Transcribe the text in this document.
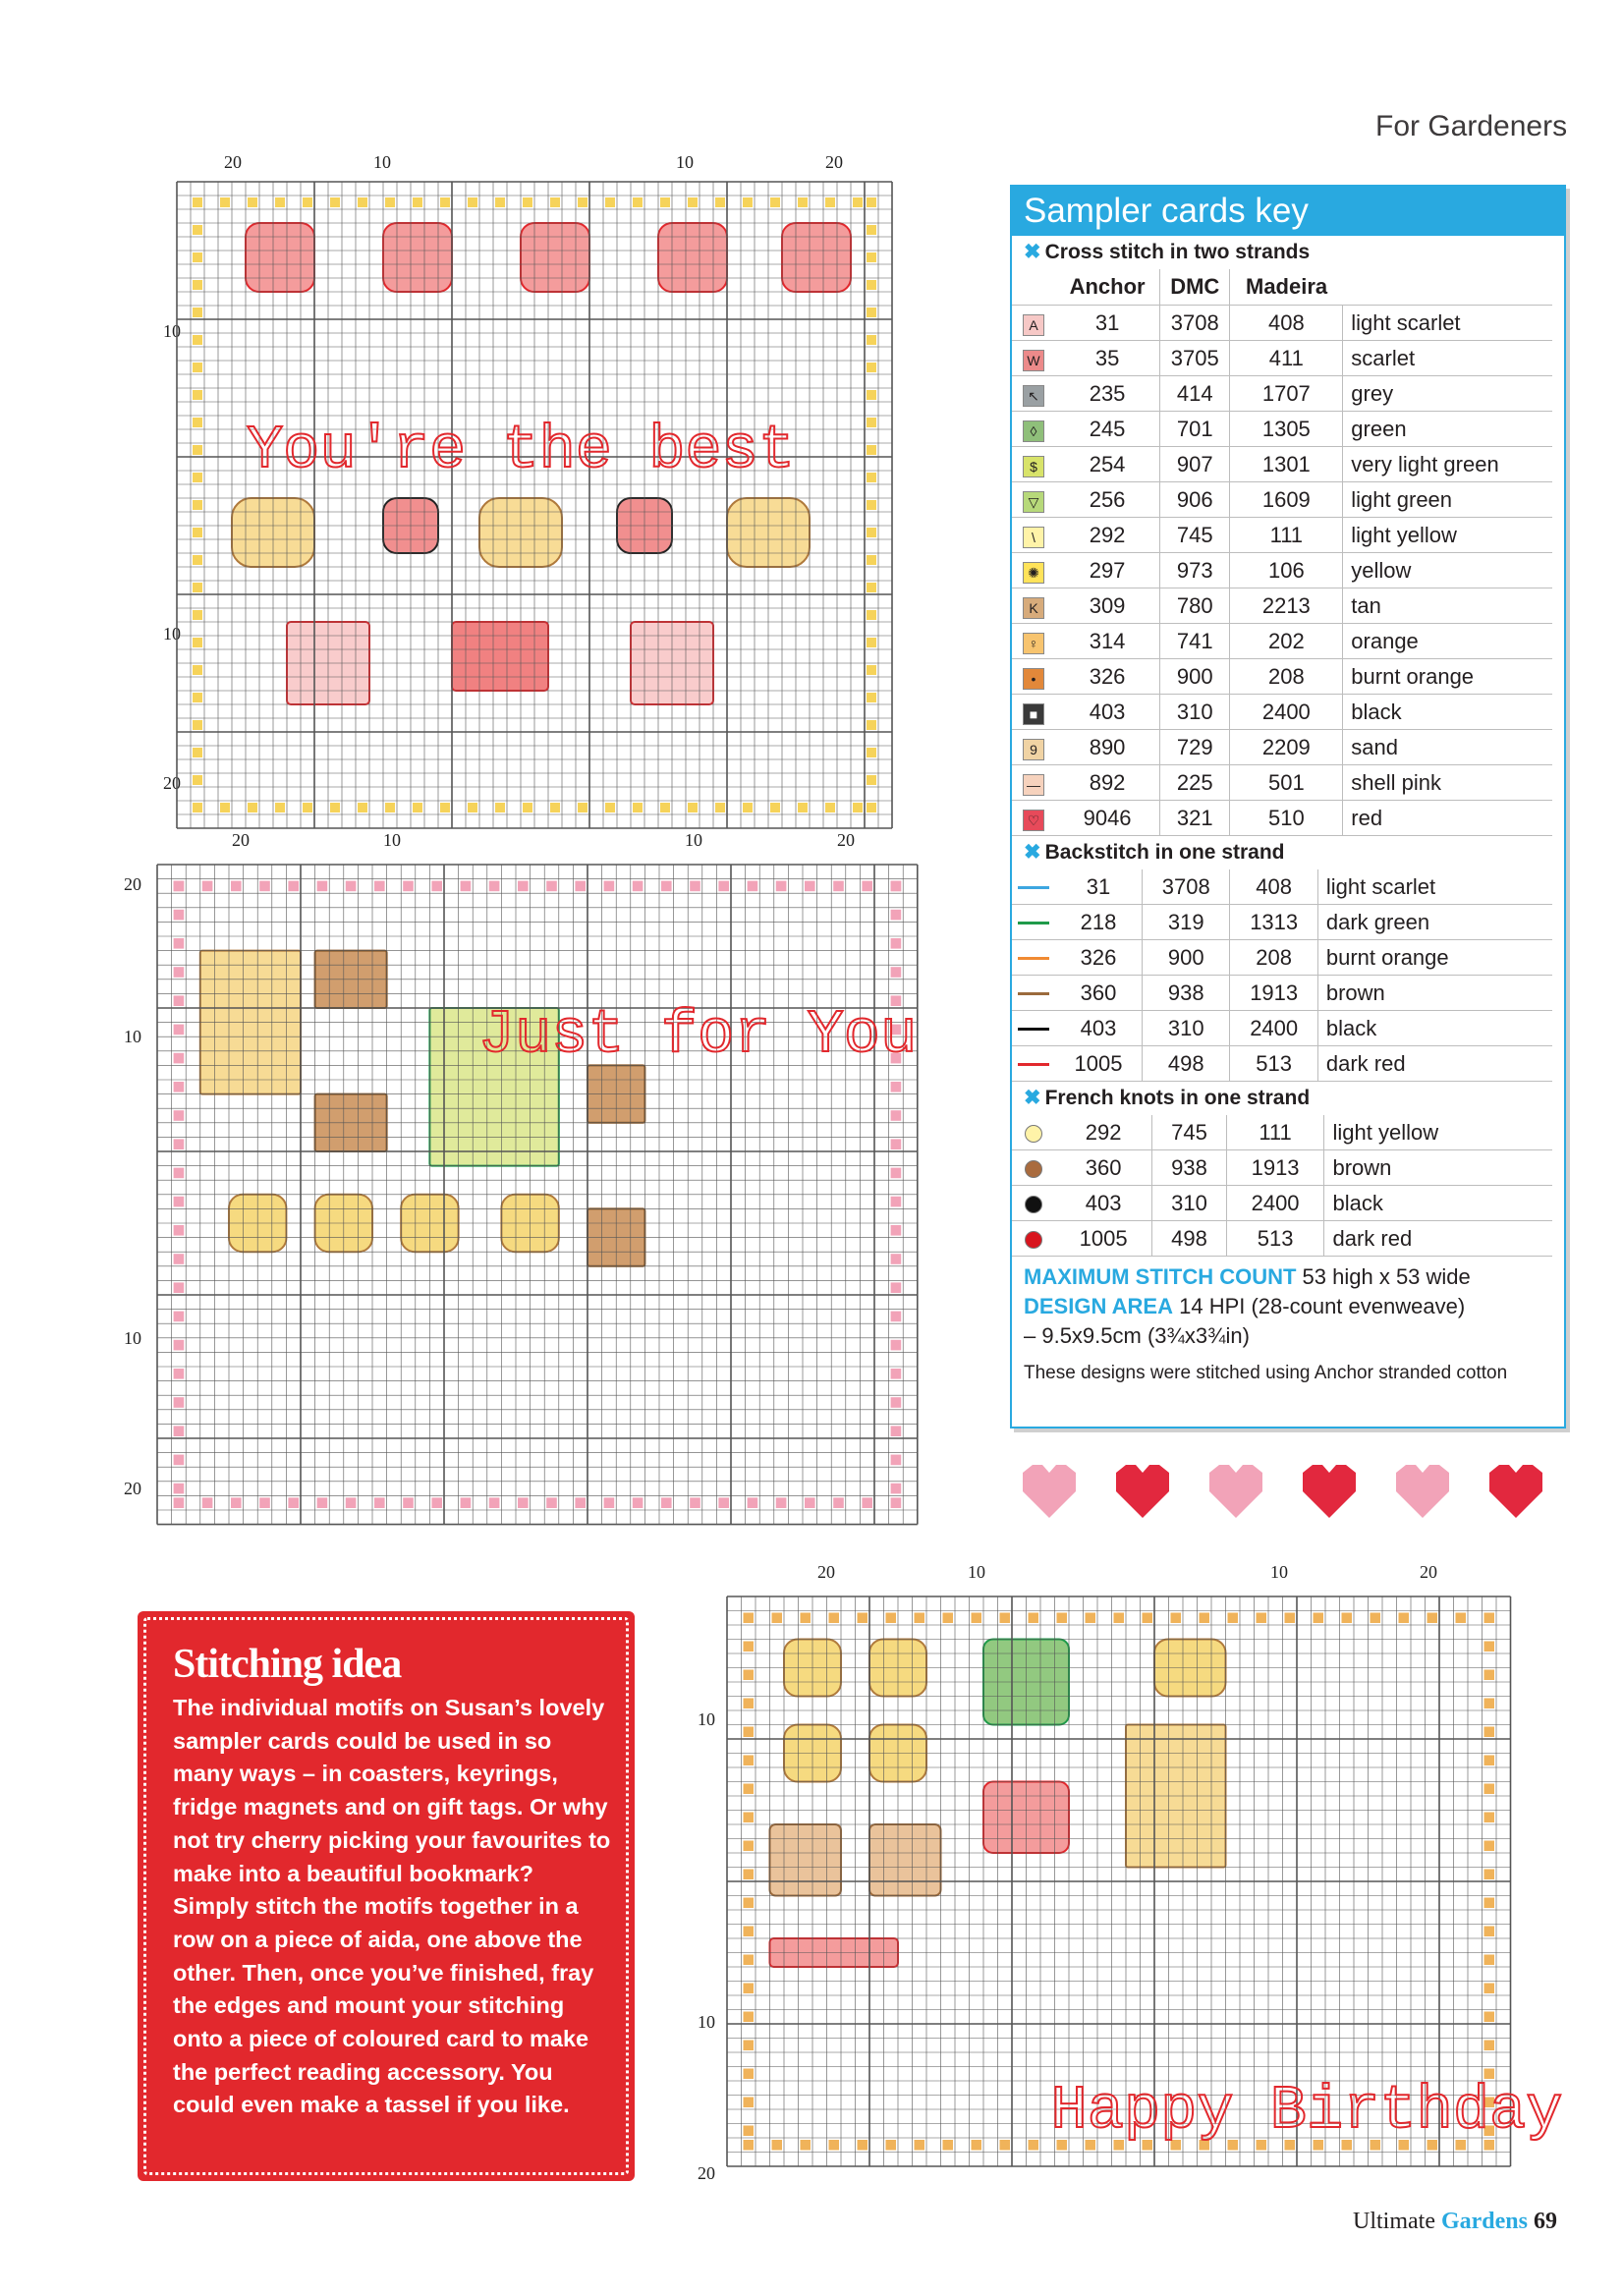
For Gardeners
20	10	10	20
10
10
20
You're the best
20	10	10	20
20
10
10
20
Just for You
20	10	10	20
10
10
20
Happy Birthday
Sampler cards key
✖ Cross stitch in two strands
	Anchor	DMC	Madeira	
A	31	3708	408	light scarlet
W	35	3705	411	scarlet
↖	235	414	1707	grey
◊	245	701	1305	green
$	254	907	1301	very light green
▽	256	906	1609	light green
\	292	745	111	light yellow
✺	297	973	106	yellow
K	309	780	2213	tan
♀	314	741	202	orange
•	326	900	208	burnt orange
■	403	310	2400	black
9	890	729	2209	sand
—	892	225	501	shell pink
♡	9046	321	510	red
✖ Backstitch in one strand
	31	3708	408	light scarlet
	218	319	1313	dark green
	326	900	208	burnt orange
	360	938	1913	brown
	403	310	2400	black
	1005	498	513	dark red
✖ French knots in one strand
	292	745	111	light yellow
	360	938	1913	brown
	403	310	2400	black
	1005	498	513	dark red
MAXIMUM STITCH COUNT 53 high x 53 wide
DESIGN AREA 14 HPI (28-count evenweave)
– 9.5x9.5cm (3¾x3¾in)
These designs were stitched using Anchor stranded cotton
Stitching idea
The individual motifs on Susan’s lovely sampler cards could be used in so many ways – in coasters, keyrings, fridge magnets and on gift tags. Or why not try cherry picking your favourites to make into a beautiful bookmark? Simply stitch the motifs together in a row on a piece of aida, one above the other. Then, once you’ve finished, fray the edges and mount your stitching onto a piece of coloured card to make the perfect reading accessory. You could even make a tassel if you like.
Ultimate Gardens 69
